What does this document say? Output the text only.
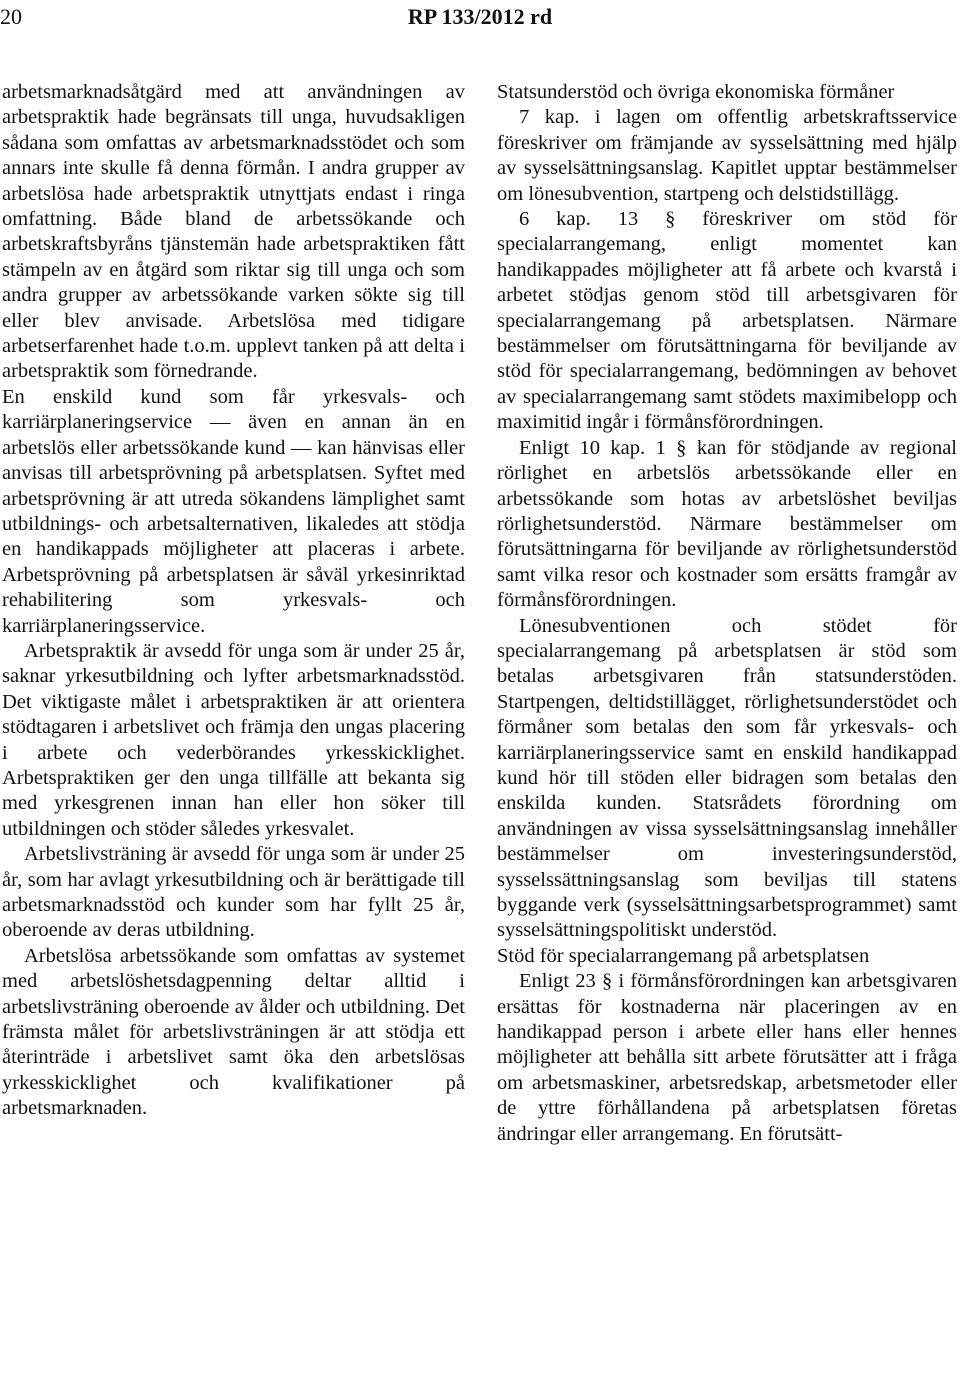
20	RP 133/2012 rd

arbetsmarknadsåtgärd med att användningen av arbetspraktik hade begränsats till unga, huvudsakligen sådana som omfattas av arbetsmarknadsstödet och som annars inte skulle få denna förmån. I andra grupper av arbetslösa hade arbetspraktik utnyttjats endast i ringa omfattning. Både bland de arbetssökande och arbetskraftsbyråns tjänstemän hade arbetspraktiken fått stämpeln av en åtgärd som riktar sig till unga och som andra grupper av arbetssökande varken sökte sig till eller blev anvisade. Arbetslösa med tidigare arbetserfarenhet hade t.o.m. upplevt tanken på att delta i arbetspraktik som förnedrande.

En enskild kund som får yrkesvals- och karriärplaneringservice — även en annan än en arbetslös eller arbetssökande kund — kan hänvisas eller anvisas till arbetsprövning på arbetsplatsen. Syftet med arbetsprövning är att utreda sökandens lämplighet samt utbildnings- och arbetsalternativen, likaledes att stödja en handikappads möjligheter att placeras i arbete. Arbetsprövning på arbetsplatsen är såväl yrkesinriktad rehabilitering som yrkesvals- och karriärplaneringsservice.

Arbetspraktik är avsedd för unga som är under 25 år, saknar yrkesutbildning och lyfter arbetsmarknadsstöd. Det viktigaste målet i arbetspraktiken är att orientera stödtagaren i arbetslivet och främja den ungas placering i arbete och vederbörandes yrkesskicklighet. Arbetspraktiken ger den unga tillfälle att bekanta sig med yrkesgrenen innan han eller hon söker till utbildningen och stöder således yrkesvalet.

Arbetslivsträning är avsedd för unga som är under 25 år, som har avlagt yrkesutbildning och är berättigade till arbetsmarknadsstöd och kunder som har fyllt 25 år, oberoende av deras utbildning.

Arbetslösa arbetssökande som omfattas av systemet med arbetslöshetsdagpenning deltar alltid i arbetslivsträning oberoende av ålder och utbildning. Det främsta målet för arbetslivsträningen är att stödja ett återinträde i arbetslivet samt öka den arbetslösas yrkesskicklighet och kvalifikationer på arbetsmarknaden.

Statsunderstöd och övriga ekonomiska förmåner

7 kap. i lagen om offentlig arbetskraftsservice föreskriver om främjande av sysselsättning med hjälp av sysselsättningsanslag. Kapitlet upptar bestämmelser om lönesubvention, startpeng och delstidstillägg.

6 kap. 13 § föreskriver om stöd för specialarrangemang, enligt momentet kan handikappades möjligheter att få arbete och kvarstå i arbetet stödjas genom stöd till arbetsgivaren för specialarrangemang på arbetsplatsen. Närmare bestämmelser om förutsättningarna för beviljande av stöd för specialarrangemang, bedömningen av behovet av specialarrangemang samt stödets maximibelopp och maximitid ingår i förmånsförordningen.

Enligt 10 kap. 1 § kan för stödjande av regional rörlighet en arbetslös arbetssökande eller en arbetssökande som hotas av arbetslöshet beviljas rörlighetsunderstöd. Närmare bestämmelser om förutsättningarna för beviljande av rörlighetsunderstöd samt vilka resor och kostnader som ersätts framgår av förmånsförordningen.

Lönesubventionen och stödet för specialarrangemang på arbetsplatsen är stöd som betalas arbetsgivaren från statsunderstöden. Startpengen, deltidstillägget, rörlighetsunderstödet och förmåner som betalas den som får yrkesvals- och karriärplaneringsservice samt en enskild handikappad kund hör till stöden eller bidragen som betalas den enskilda kunden. Statsrådets förordning om användningen av vissa sysselsättningsanslag innehåller bestämmelser om investeringsunderstöd, sysselssättningsanslag som beviljas till statens byggande verk (sysselsättningsarbetsprogrammet) samt sysselsättningspolitiskt understöd.

Stöd för specialarrangemang på arbetsplatsen

Enligt 23 § i förmånsförordningen kan arbetsgivaren ersättas för kostnaderna när placeringen av en handikappad person i arbete eller hans eller hennes möjligheter att behålla sitt arbete förutsätter att i fråga om arbetsmaskiner, arbetsredskap, arbetsmetoder eller de yttre förhållandena på arbetsplatsen företas ändringar eller arrangemang. En förutsätt-
